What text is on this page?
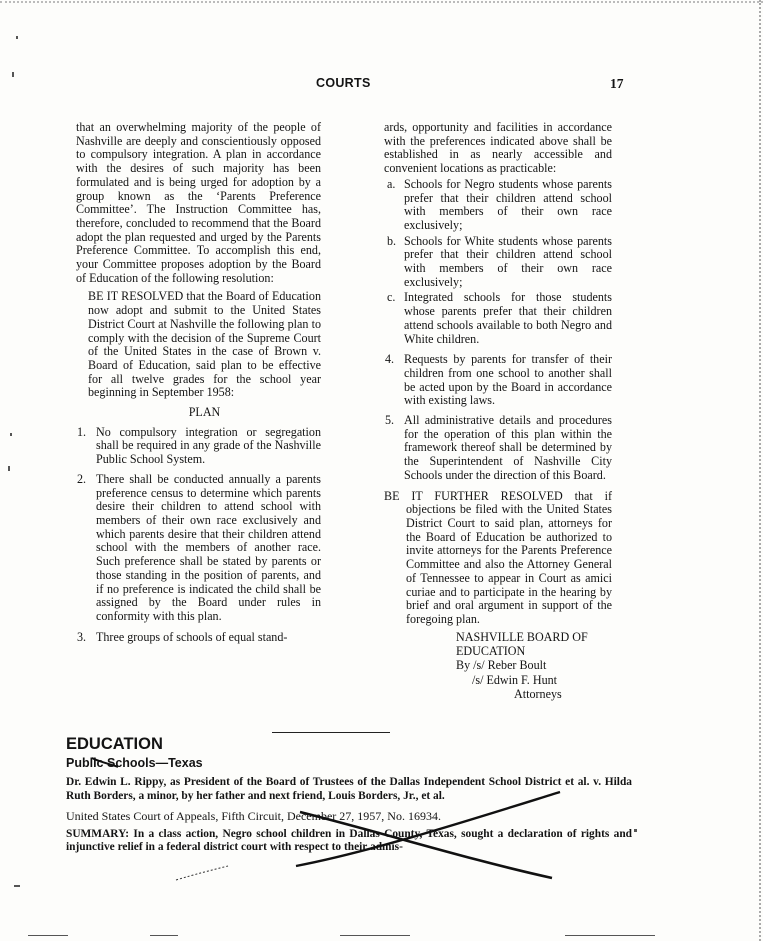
COURTS	17

that an overwhelming majority of the people of Nashville are deeply and conscientiously opposed to compulsory integration. A plan in accordance with the desires of such majority has been formulated and is being urged for adoption by a group known as the ‘Parents Preference Committee’. The Instruction Committee has, therefore, concluded to recommend that the Board adopt the plan requested and urged by the Parents Preference Committee. To accomplish this end, your Committee proposes adoption by the Board of Education of the following resolution:

BE IT RESOLVED that the Board of Education now adopt and submit to the United States District Court at Nashville the following plan to comply with the decision of the Supreme Court of the United States in the case of Brown v. Board of Education, said plan to be effective for all twelve grades for the school year beginning in September 1958:

PLAN

1. No compulsory integration or segregation shall be required in any grade of the Nashville Public School System.

2. There shall be conducted annually a parents preference census to determine which parents desire their children to attend school with members of their own race exclusively and which parents desire that their children attend school with the members of another race. Such preference shall be stated by parents or those standing in the position of parents, and if no preference is indicated the child shall be assigned by the Board under rules in conformity with this plan.

3. Three groups of schools of equal stand-

ards, opportunity and facilities in accordance with the preferences indicated above shall be established in as nearly accessible and convenient locations as practicable:

a. Schools for Negro students whose parents prefer that their children attend school with members of their own race exclusively;

b. Schools for White students whose parents prefer that their children attend school with members of their own race exclusively;

c. Integrated schools for those students whose parents prefer that their children attend schools available to both Negro and White children.

4. Requests by parents for transfer of their children from one school to another shall be acted upon by the Board in accordance with existing laws.

5. All administrative details and procedures for the operation of this plan within the framework thereof shall be determined by the Superintendent of Nashville City Schools under the direction of this Board.

BE IT FURTHER RESOLVED that if objections be filed with the United States District Court to said plan, attorneys for the Board of Education be authorized to invite attorneys for the Parents Preference Committee and also the Attorney General of Tennessee to appear in Court as amici curiae and to participate in the hearing by brief and oral argument in support of the foregoing plan.

NASHVILLE BOARD OF
EDUCATION
By /s/ Reber Boult
/s/ Edwin F. Hunt
Attorneys

EDUCATION

Public Schools—Texas

Dr. Edwin L. Rippy, as President of the Board of Trustees of the Dallas Independent School District et al. v. Hilda Ruth Borders, a minor, by her father and next friend, Louis Borders, Jr., et al.

United States Court of Appeals, Fifth Circuit, December 27, 1957, No. 16934.

SUMMARY: In a class action, Negro school children in Dallas County, Texas, sought a declaration of rights and injunctive relief in a federal district court with respect to their admis-
